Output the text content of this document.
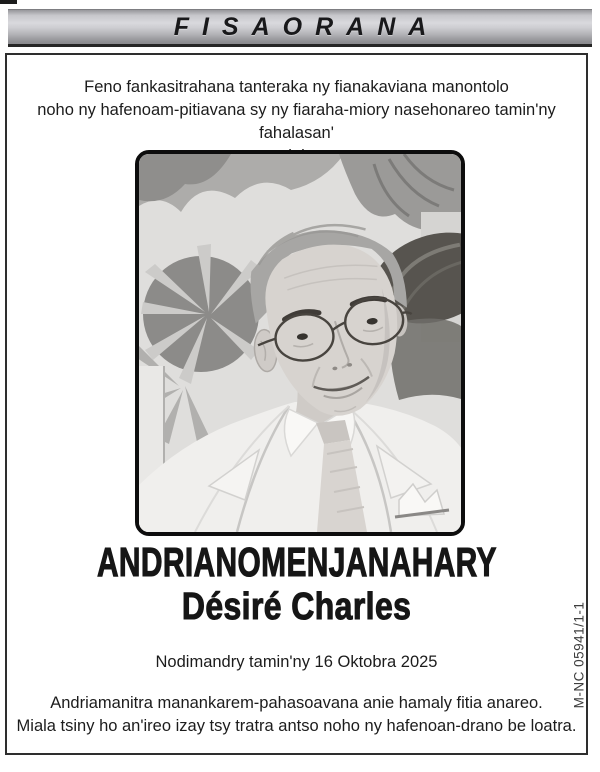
FISAORANA
Feno fankasitrahana tanteraka ny fianakaviana manontolo
noho ny hafenoam-pitiavana sy ny fiaraha-miory nasehonareo tamin'ny fahalasan'
ANDRIANOMENJANAHARY
Désiré Charles
Nodimandry tamin'ny 16 Oktobra 2025
Andriamanitra manankarem-pahasoavana anie hamaly fitia anareo.
Miala tsiny ho an'ireo izay tsy tratra antso noho ny hafenoan-drano be loatra.
M-NC 05941/1-1
